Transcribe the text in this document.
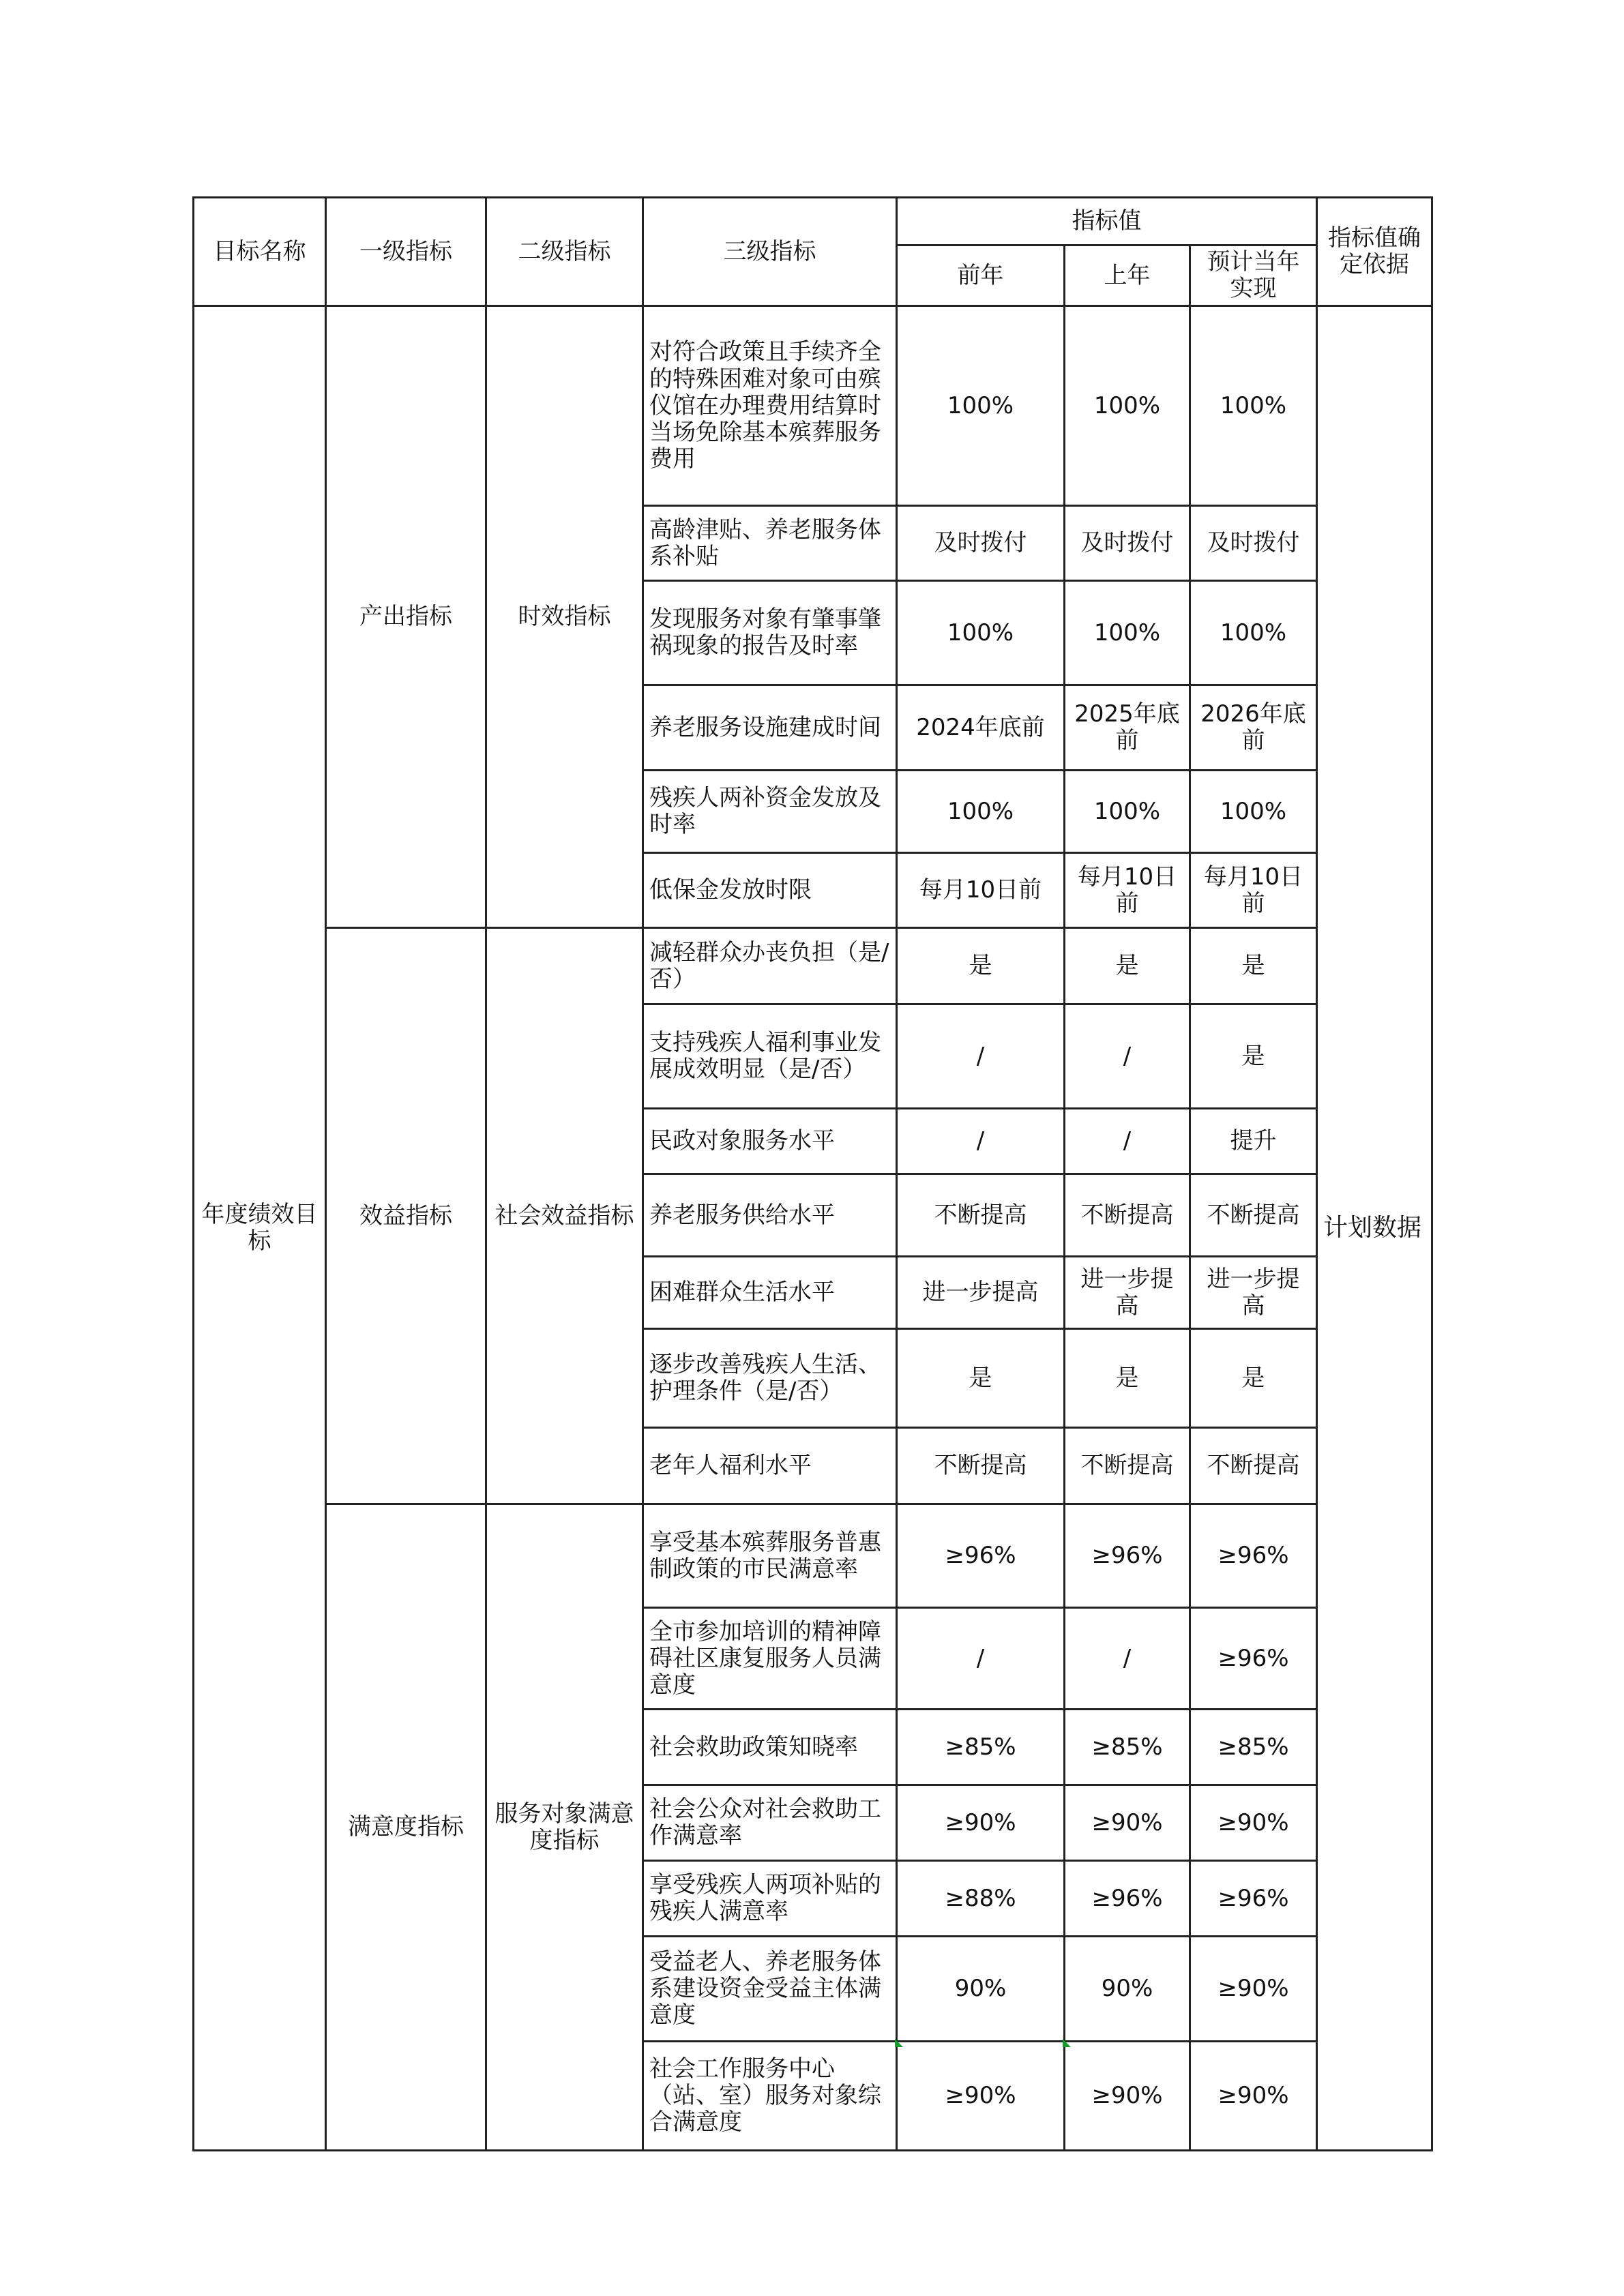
目标名称	一级指标	二级指标	三级指标	指标值			指标值确定依据
				前年	上年	预计当年实现	
年度绩效目标	产出指标	时效指标	对符合政策且手续齐全的特殊困难对象可由殡仪馆在办理费用结算时当场免除基本殡葬服务费用	100%	100%	100%	计划数据
			高龄津贴、养老服务体系补贴	及时拨付	及时拨付	及时拨付	
			发现服务对象有肇事肇祸现象的报告及时率	100%	100%	100%	
			养老服务设施建成时间	2024年底前	2025年底前	2026年底前	
			残疾人两补资金发放及时率	100%	100%	100%	
			低保金发放时限	每月10日前	每月10日前	每月10日前	
	效益指标	社会效益指标	减轻群众办丧负担（是/否）	是	是	是	
			支持残疾人福利事业发展成效明显（是/否）	/	/	是	
			民政对象服务水平	/	/	提升	
			养老服务供给水平	不断提高	不断提高	不断提高	
			困难群众生活水平	进一步提高	进一步提高	进一步提高	
			逐步改善残疾人生活、护理条件（是/否）	是	是	是	
			老年人福利水平	不断提高	不断提高	不断提高	
	满意度指标	服务对象满意度指标	享受基本殡葬服务普惠制政策的市民满意率	≥96%	≥96%	≥96%	
			全市参加培训的精神障碍社区康复服务人员满意度	/	/	≥96%	
			社会救助政策知晓率	≥85%	≥85%	≥85%	
			社会公众对社会救助工作满意率	≥90%	≥90%	≥90%	
			享受残疾人两项补贴的残疾人满意率	≥88%	≥96%	≥96%	
			受益老人、养老服务体系建设资金受益主体满意度	90%	90%	≥90%	
			社会工作服务中心（站、室）服务对象综合满意度	≥90%	≥90%	≥90%	
